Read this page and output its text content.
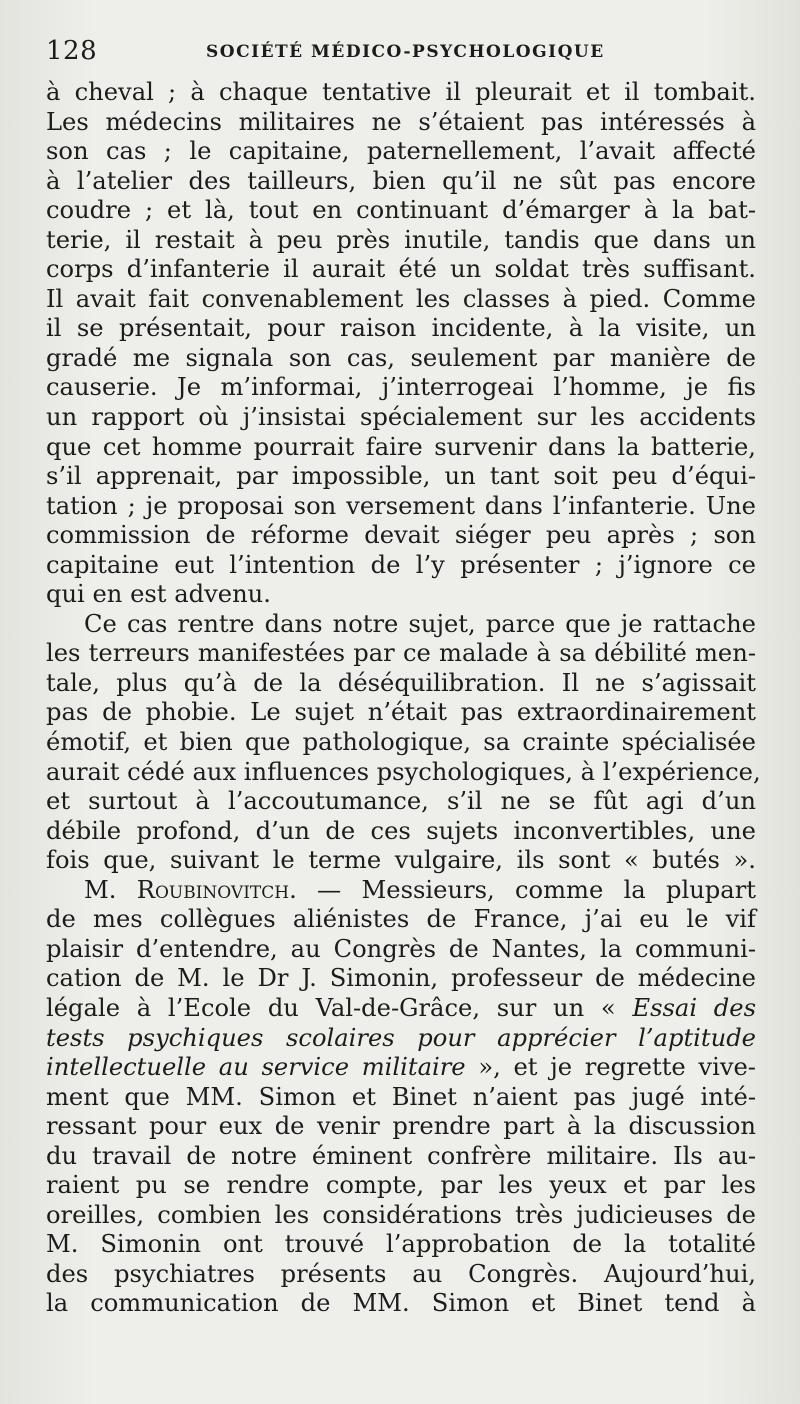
128	SOCIÉTÉ MÉDICO-PSYCHOLOGIQUE
à cheval ; à chaque tentative il pleurait et il tombait.
Les médecins militaires ne s’étaient pas intéressés à
son cas ; le capitaine, paternellement, l’avait affecté
à l’atelier des tailleurs, bien qu’il ne sût pas encore
coudre ; et là, tout en continuant d’émarger à la bat-
terie, il restait à peu près inutile, tandis que dans un
corps d’infanterie il aurait été un soldat très suffisant.
Il avait fait convenablement les classes à pied. Comme
il se présentait, pour raison incidente, à la visite, un
gradé me signala son cas, seulement par manière de
causerie. Je m’informai, j’interrogeai l’homme, je fis
un rapport où j’insistai spécialement sur les accidents
que cet homme pourrait faire survenir dans la batterie,
s’il apprenait, par impossible, un tant soit peu d’équi-
tation ; je proposai son versement dans l’infanterie. Une
commission de réforme devait siéger peu après ; son
capitaine eut l’intention de l’y présenter ; j’ignore ce
qui en est advenu.
Ce cas rentre dans notre sujet, parce que je rattache
les terreurs manifestées par ce malade à sa débilité men-
tale, plus qu’à de la déséquilibration. Il ne s’agissait
pas de phobie. Le sujet n’était pas extraordinairement
émotif, et bien que pathologique, sa crainte spécialisée
aurait cédé aux influences psychologiques, à l’expérience,
et surtout à l’accoutumance, s’il ne se fût agi d’un
débile profond, d’un de ces sujets inconvertibles, une
fois que, suivant le terme vulgaire, ils sont « butés ».
M. Roubinovitch. — Messieurs, comme la plupart
de mes collègues aliénistes de France, j’ai eu le vif
plaisir d’entendre, au Congrès de Nantes, la communi-
cation de M. le Dr J. Simonin, professeur de médecine
légale à l’Ecole du Val-de-Grâce, sur un « Essai des
tests psychiques scolaires pour apprécier l’aptitude
intellectuelle au service militaire », et je regrette vive-
ment que MM. Simon et Binet n’aient pas jugé inté-
ressant pour eux de venir prendre part à la discussion
du travail de notre éminent confrère militaire. Ils au-
raient pu se rendre compte, par les yeux et par les
oreilles, combien les considérations très judicieuses de
M. Simonin ont trouvé l’approbation de la totalité
des psychiatres présents au Congrès. Aujourd’hui,
la communication de MM. Simon et Binet tend à
